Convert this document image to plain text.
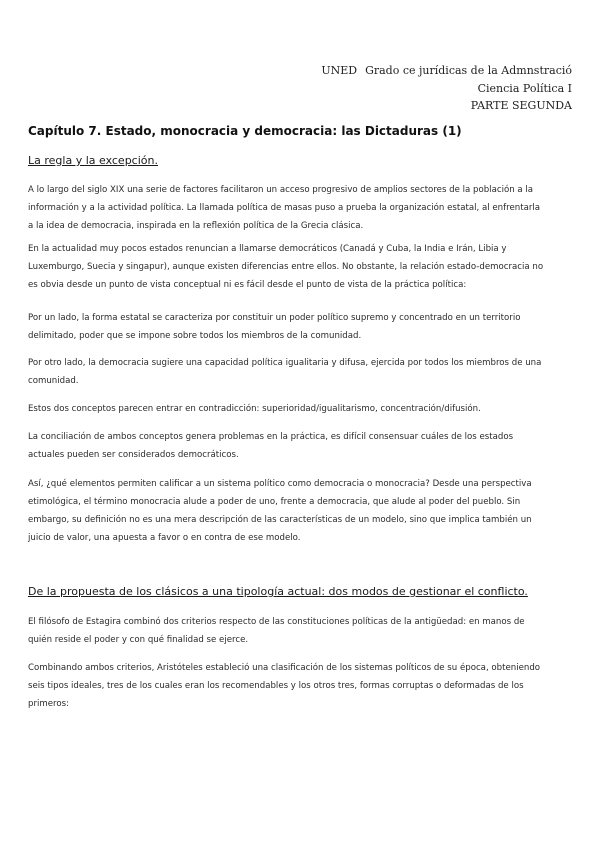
UNED Grado ce jurídicas de la Admnstració
Ciencia Política I
PARTE SEGUNDA
Capítulo 7. Estado, monocracia y democracia: las Dictaduras (1)
La regla y la excepción.

A lo largo del siglo XIX una serie de factores facilitaron un acceso progresivo de amplios sectores de la población a la información y a la actividad política. La llamada política de masas puso a prueba la organización estatal, al enfrentarla a la idea de democracia, inspirada en la reflexión política de la Grecia clásica.

En la actualidad muy pocos estados renuncian a llamarse democráticos (Canadá y Cuba, la India e Irán, Libia y Luxemburgo, Suecia y singapur), aunque existen diferencias entre ellos. No obstante, la relación estado-democracia no es obvia desde un punto de vista conceptual ni es fácil desde el punto de vista de la práctica política:

Por un lado, la forma estatal se caracteriza por constituir un poder político supremo y concentrado en un territorio delimitado, poder que se impone sobre todos los miembros de la comunidad.

Por otro lado, la democracia sugiere una capacidad política igualitaria y difusa, ejercida por todos los miembros de una comunidad.

Estos dos conceptos parecen entrar en contradicción: superioridad/igualitarismo, concentración/difusión.

La conciliación de ambos conceptos genera problemas en la práctica, es difícil consensuar cuáles de los estados actuales pueden ser considerados democráticos.

Así, ¿qué elementos permiten calificar a un sistema político como democracia o monocracia? Desde una perspectiva etimológica, el término monocracia alude a poder de uno, frente a democracia, que alude al poder del pueblo. Sin embargo, su definición no es una mera descripción de las características de un modelo, sino que implica también un juicio de valor, una apuesta a favor o en contra de ese modelo.

De la propuesta de los clásicos a una tipología actual: dos modos de gestionar el conflicto.

El filósofo de Estagira combinó dos criterios respecto de las constituciones políticas de la antigüedad: en manos de quién reside el poder y con qué finalidad se ejerce.

Combinando ambos criterios, Aristóteles estableció una clasificación de los sistemas políticos de su época, obteniendo seis tipos ideales, tres de los cuales eran los recomendables y los otros tres, formas corruptas o deformadas de los primeros:
